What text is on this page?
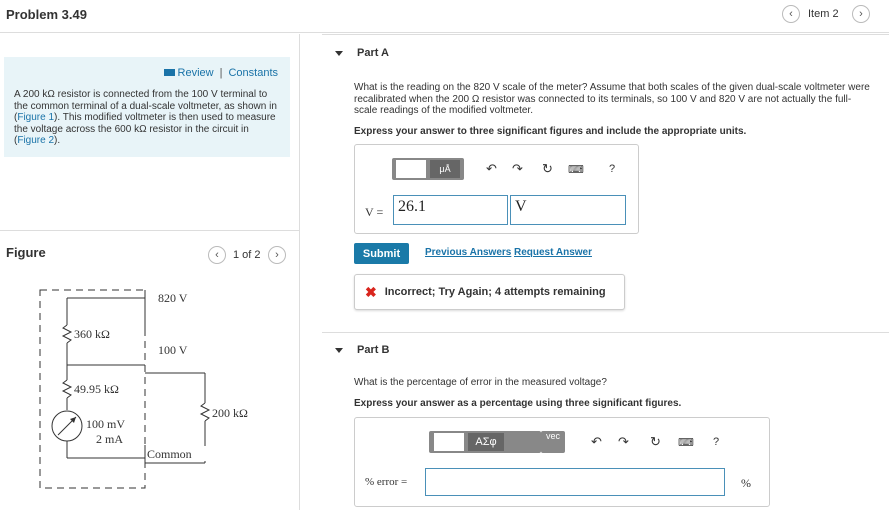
Problem 3.49	‹ Item 2 ›
Review | Constants
A 200 kΩ resistor is connected from the 100 V terminal to the common terminal of a dual-scale voltmeter, as shown in (Figure 1). This modified voltmeter is then used to measure the voltage across the 600 kΩ resistor in the circuit in (Figure 2).
Figure	‹ 1 of 2 ›
820 V
360 kΩ
100 V
49.95 kΩ
200 kΩ
100 mV
2 mA
Common
Part A
What is the reading on the 820 V scale of the meter? Assume that both scales of the given dual-scale voltmeter were recalibrated when the 200 Ω resistor was connected to its terminals, so 100 V and 820 V are not actually the full-scale readings of the modified voltmeter.
Express your answer to three significant figures and include the appropriate units.
μÅ	↶ ↷ ↻ ⌨ ?
V = 26.1	V
Submit	Previous Answers Request Answer
✖ Incorrect; Try Again; 4 attempts remaining
Part B
What is the percentage of error in the measured voltage?
Express your answer as a percentage using three significant figures.
ΑΣφ	vec	↶ ↷ ↻ ⌨ ?
% error =	%
